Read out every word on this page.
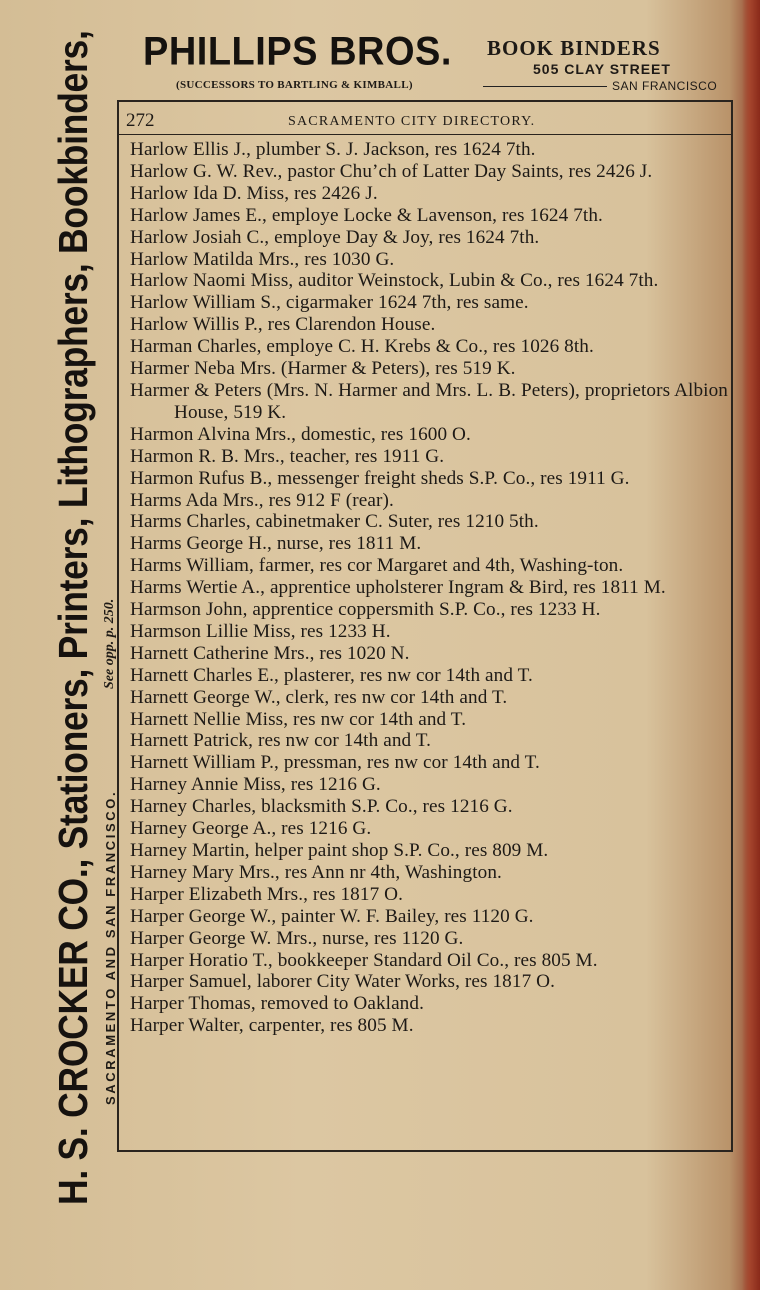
PHILLIPS BROS. BOOK BINDERS
505 CLAY STREET
(SUCCESSORS TO BARTLING & KIMBALL)	SAN FRANCISCO
H. S. CROCKER CO., Stationers, Printers, Lithographers, Bookbinders, SACRAMENTO AND SAN FRANCISCO.
See opp. p. 250.
272	SACRAMENTO CITY DIRECTORY.
Harlow Ellis J., plumber S. J. Jackson, res 1624 7th.
Harlow G. W. Rev., pastor Chu’ch of Latter Day Saints, res 2426 J.
Harlow Ida D. Miss, res 2426 J.
Harlow James E., employe Locke & Lavenson, res 1624 7th.
Harlow Josiah C., employe Day & Joy, res 1624 7th.
Harlow Matilda Mrs., res 1030 G.
Harlow Naomi Miss, auditor Weinstock, Lubin & Co., res 1624 7th.
Harlow William S., cigarmaker 1624 7th, res same.
Harlow Willis P., res Clarendon House.
Harman Charles, employe C. H. Krebs & Co., res 1026 8th.
Harmer Neba Mrs. (Harmer & Peters), res 519 K.
Harmer & Peters (Mrs. N. Harmer and Mrs. L. B. Peters), proprietors Albion House, 519 K.
Harmon Alvina Mrs., domestic, res 1600 O.
Harmon R. B. Mrs., teacher, res 1911 G.
Harmon Rufus B., messenger freight sheds S.P. Co., res 1911 G.
Harms Ada Mrs., res 912 F (rear).
Harms Charles, cabinetmaker C. Suter, res 1210 5th.
Harms George H., nurse, res 1811 M.
Harms William, farmer, res cor Margaret and 4th, Washing-ton.
Harms Wertie A., apprentice upholsterer Ingram & Bird, res 1811 M.
Harmson John, apprentice coppersmith S.P. Co., res 1233 H.
Harmson Lillie Miss, res 1233 H.
Harnett Catherine Mrs., res 1020 N.
Harnett Charles E., plasterer, res nw cor 14th and T.
Harnett George W., clerk, res nw cor 14th and T.
Harnett Nellie Miss, res nw cor 14th and T.
Harnett Patrick, res nw cor 14th and T.
Harnett William P., pressman, res nw cor 14th and T.
Harney Annie Miss, res 1216 G.
Harney Charles, blacksmith S.P. Co., res 1216 G.
Harney George A., res 1216 G.
Harney Martin, helper paint shop S.P. Co., res 809 M.
Harney Mary Mrs., res Ann nr 4th, Washington.
Harper Elizabeth Mrs., res 1817 O.
Harper George W., painter W. F. Bailey, res 1120 G.
Harper George W. Mrs., nurse, res 1120 G.
Harper Horatio T., bookkeeper Standard Oil Co., res 805 M.
Harper Samuel, laborer City Water Works, res 1817 O.
Harper Thomas, removed to Oakland.
Harper Walter, carpenter, res 805 M.
